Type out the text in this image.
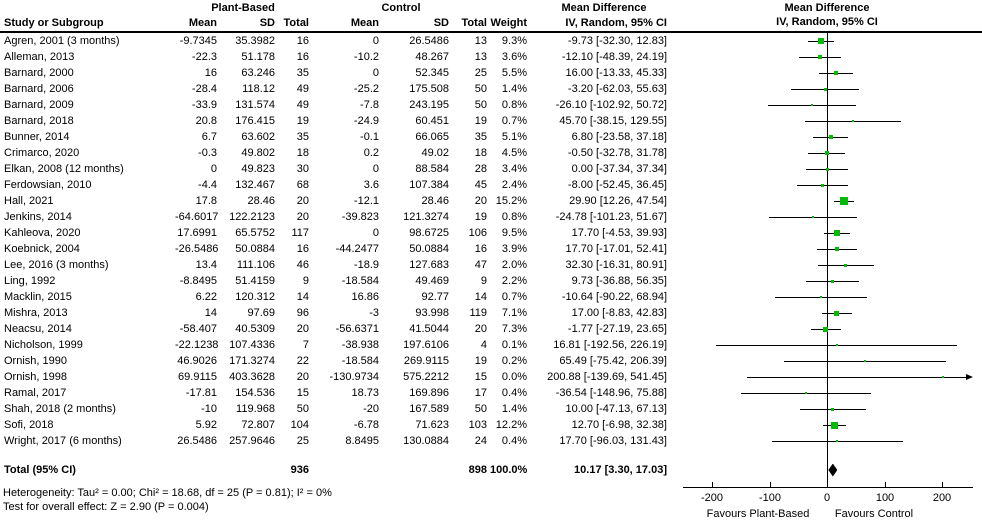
Plant-Based	Control	Mean Difference	Mean Difference
IV, Random, 95% CI
Study or Subgroup	Mean	SD Total	Mean	SD	Total Weight	IV, Random, 95% CI
Agren, 2001 (3 months)	-9.7345	35.3982	16	0	26.5486	13	9.3%	-9.73 [-32.30, 12.83]
Alleman, 2013	-22.3	51.178	16	-10.2	48.267	13	3.6%	-12.10 [-48.39, 24.19]
Barnard, 2000	16	63.246	35	0	52.345	25	5.5%	16.00 [-13.33, 45.33]
Barnard, 2006	-28.4	118.12	49	-25.2	175.508	50	1.4%	-3.20 [-62.03, 55.63]
Barnard, 2009	-33.9	131.574	49	-7.8	243.195	50	0.8%	-26.10 [-102.92, 50.72]
Barnard, 2018	20.8	176.415	19	-24.9	60.451	19	0.7%	45.70 [-38.15, 129.55]
Bunner, 2014	6.7	63.602	35	-0.1	66.065	35	5.1%	6.80 [-23.58, 37.18]
Crimarco, 2020	-0.3	49.802	18	0.2	49.02	18	4.5%	-0.50 [-32.78, 31.78]
Elkan, 2008 (12 months)	0	49.823	30	0	88.584	28	3.4%	0.00 [-37.34, 37.34]
Ferdowsian, 2010	-4.4	132.467	68	3.6	107.384	45	2.4%	-8.00 [-52.45, 36.45]
Hall, 2021	17.8	28.46	20	-12.1	28.46	20 15.2%	29.90 [12.26, 47.54]
Jenkins, 2014	-64.6017 122.2123	20	-39.823	121.3274	19	0.8%	-24.78 [-101.23, 51.67]
Kahleova, 2020	17.6991	65.5752	117	0	98.6725	106	9.5%	17.70 [-4.53, 39.93]
Koebnick, 2004	-26.5486	50.0884	16	-44.2477	50.0884	16	3.9%	17.70 [-17.01, 52.41]
Lee, 2016 (3 months)	13.4	111.106	46	-18.9	127.683	47	2.0%	32.30 [-16.31, 80.91]
Ling, 1992	-8.8495	51.4159	9	-18.584	49.469	9	2.2%	9.73 [-36.88, 56.35]
Macklin, 2015	6.22	120.312	14	16.86	92.77	14	0.7%	-10.64 [-90.22, 68.94]
Mishra, 2013	14	97.69	96	-3	93.998	119	7.1%	17.00 [-8.83, 42.83]
Neacsu, 2014	-58.407	40.5309	20	-56.6371	41.5044	20	7.3%	-1.77 [-27.19, 23.65]
Nicholson, 1999	-22.1238 107.4336	7	-38.938	197.6106	4	0.1%	16.81 [-192.56, 226.19]
Ornish, 1990	46.9026	171.3274	22	-18.584	269.9115	19	0.2%	65.49 [-75.42, 206.39]
Ornish, 1998	69.9115	403.3628	20	-130.9734	575.2212	15	0.0%	200.88 [-139.69, 541.45]
Ramal, 2017	-17.81	154.536	15	18.73	169.896	17	0.4%	-36.54 [-148.96, 75.88]
Shah, 2018 (2 months)	-10	119.968	50	-20	167.589	50	1.4%	10.00 [-47.13, 67.13]
Sofi, 2018	5.92	72.807	104	-6.78	71.623	103 12.2%	12.70 [-6.98, 32.38]
Wright, 2017 (6 months)	26.5486	257.9646	25	8.8495	130.0884	24	0.4%	17.70 [-96.03, 131.43]
Total (95% CI)	936	898 100.0%	10.17 [3.30, 17.03]
Heterogeneity: Tau² = 0.00; Chi² = 18.68, df = 25 (P = 0.81); I² = 0%
Test for overall effect: Z = 2.90 (P = 0.004)
-200	-100	0	100	200
Favours Plant-Based Favours Control
